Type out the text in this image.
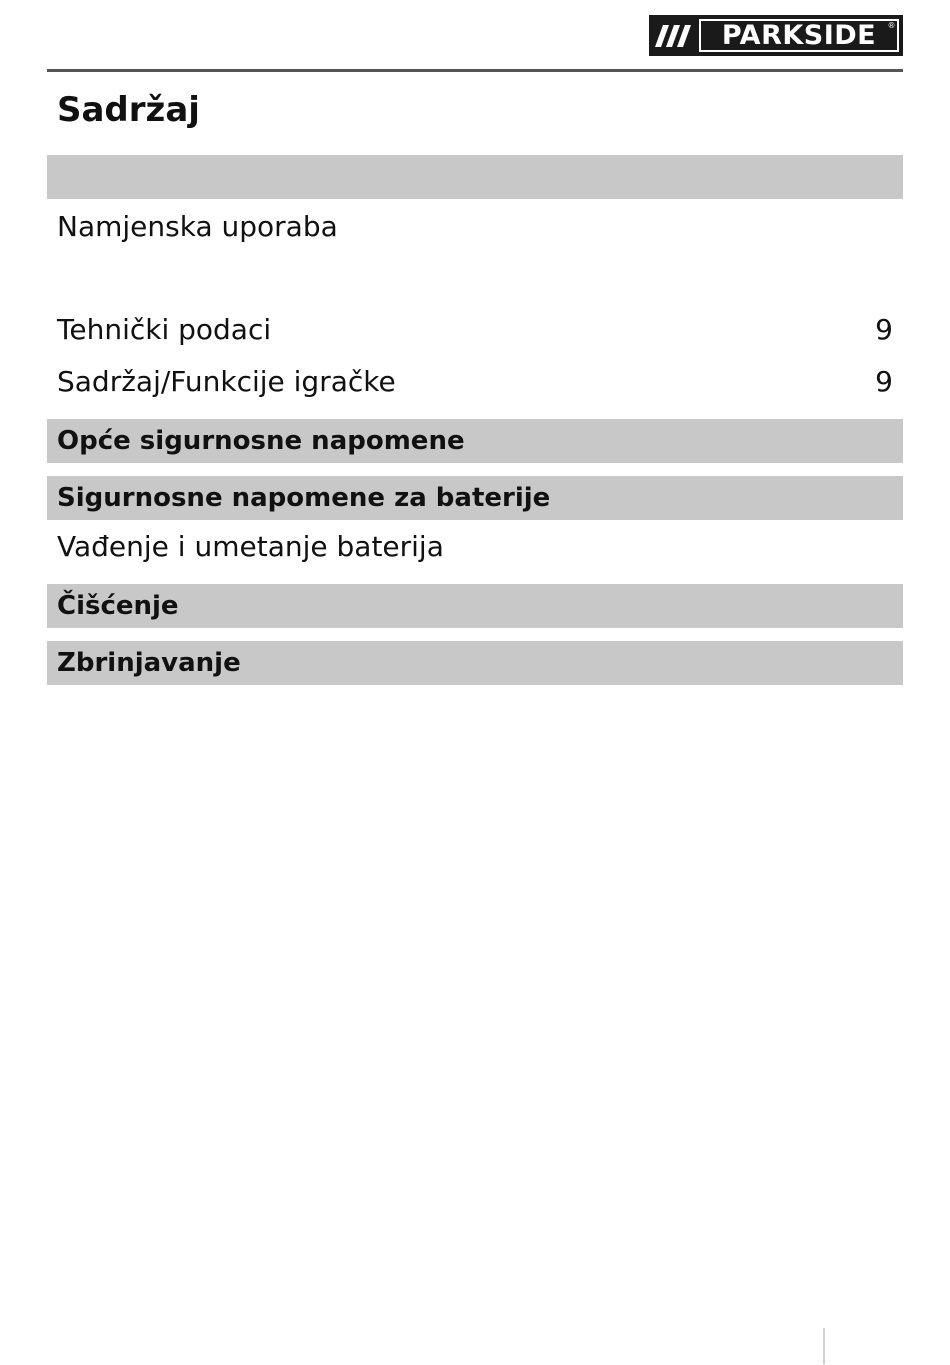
PARKSIDE ®
Sadržaj
Namjenska uporaba
Tehnički podaci	9
Sadržaj/Funkcije igračke	9
Opće sigurnosne napomene
Sigurnosne napomene za baterije
Vađenje i umetanje baterija
Čišćenje
Zbrinjavanje
